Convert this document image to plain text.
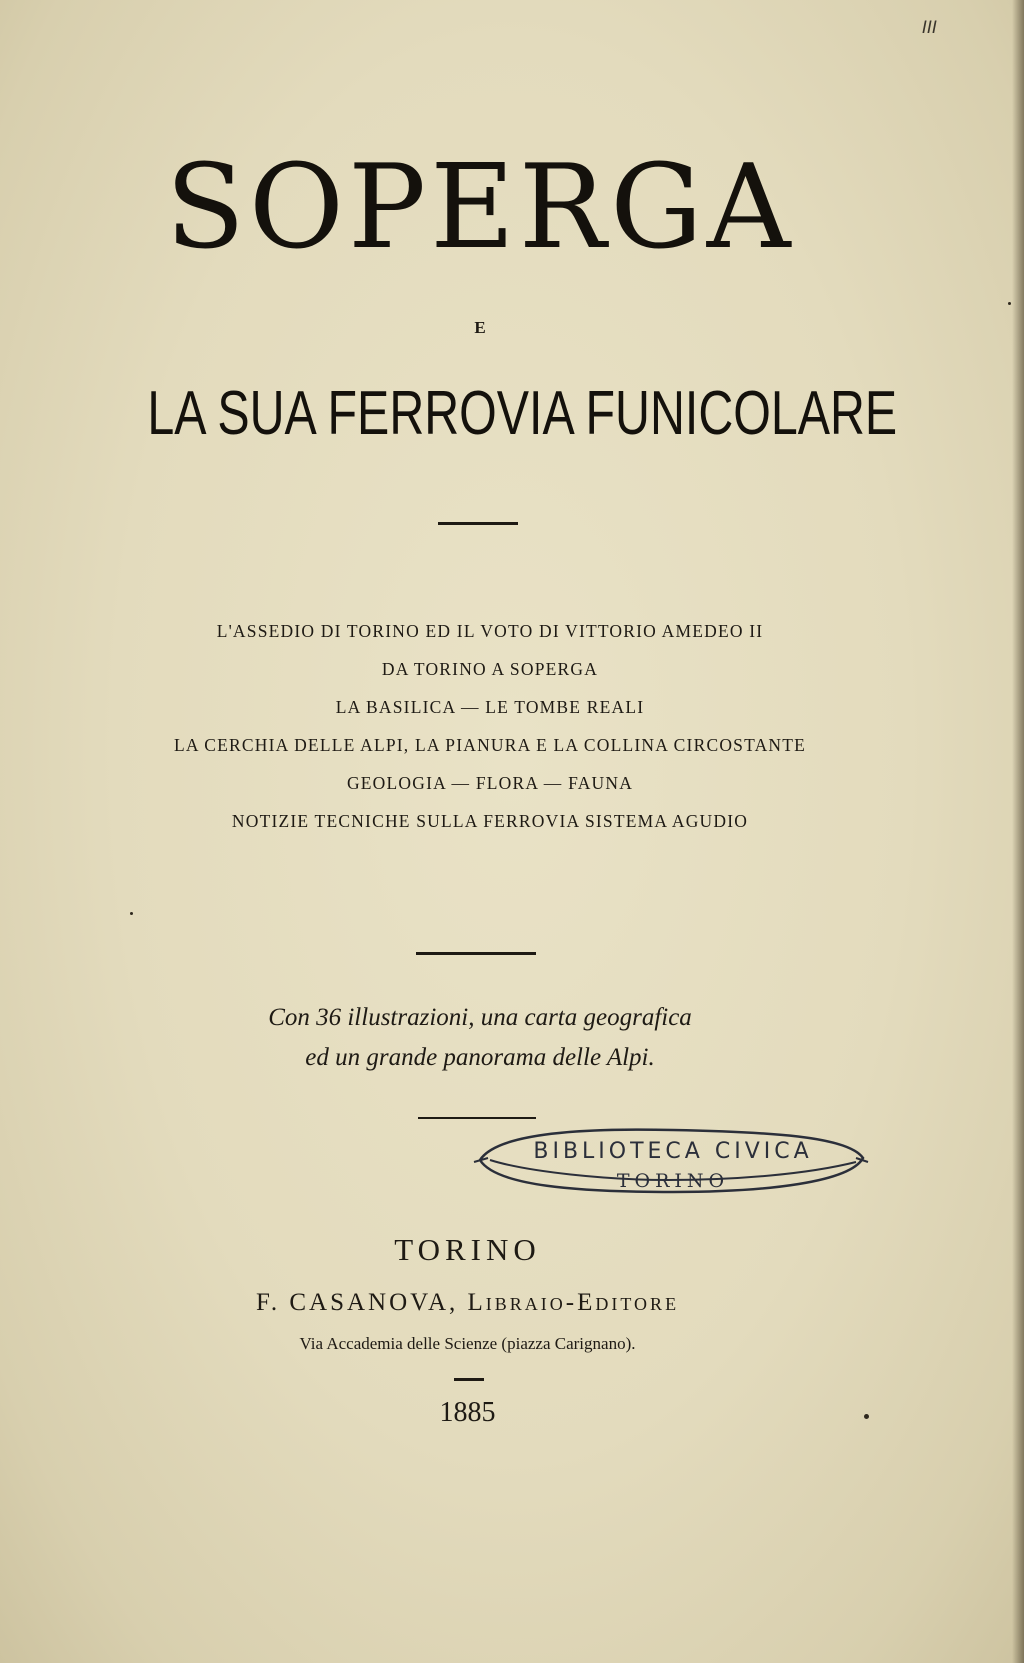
III
SOPERGA
E
LA SUA FERROVIA FUNICOLARE
L'ASSEDIO DI TORINO ED IL VOTO DI VITTORIO AMEDEO II
DA TORINO A SOPERGA
LA BASILICA — LE TOMBE REALI
LA CERCHIA DELLE ALPI, LA PIANURA E LA COLLINA CIRCOSTANTE
GEOLOGIA — FLORA — FAUNA
NOTIZIE TECNICHE SULLA FERROVIA SISTEMA AGUDIO
Con 36 illustrazioni, una carta geografica
ed un grande panorama delle Alpi.
BIBLIOTECA CIVICA
TORINO
TORINO
F. CASANOVA, Libraio-Editore
Via Accademia delle Scienze (piazza Carignano).
1885
